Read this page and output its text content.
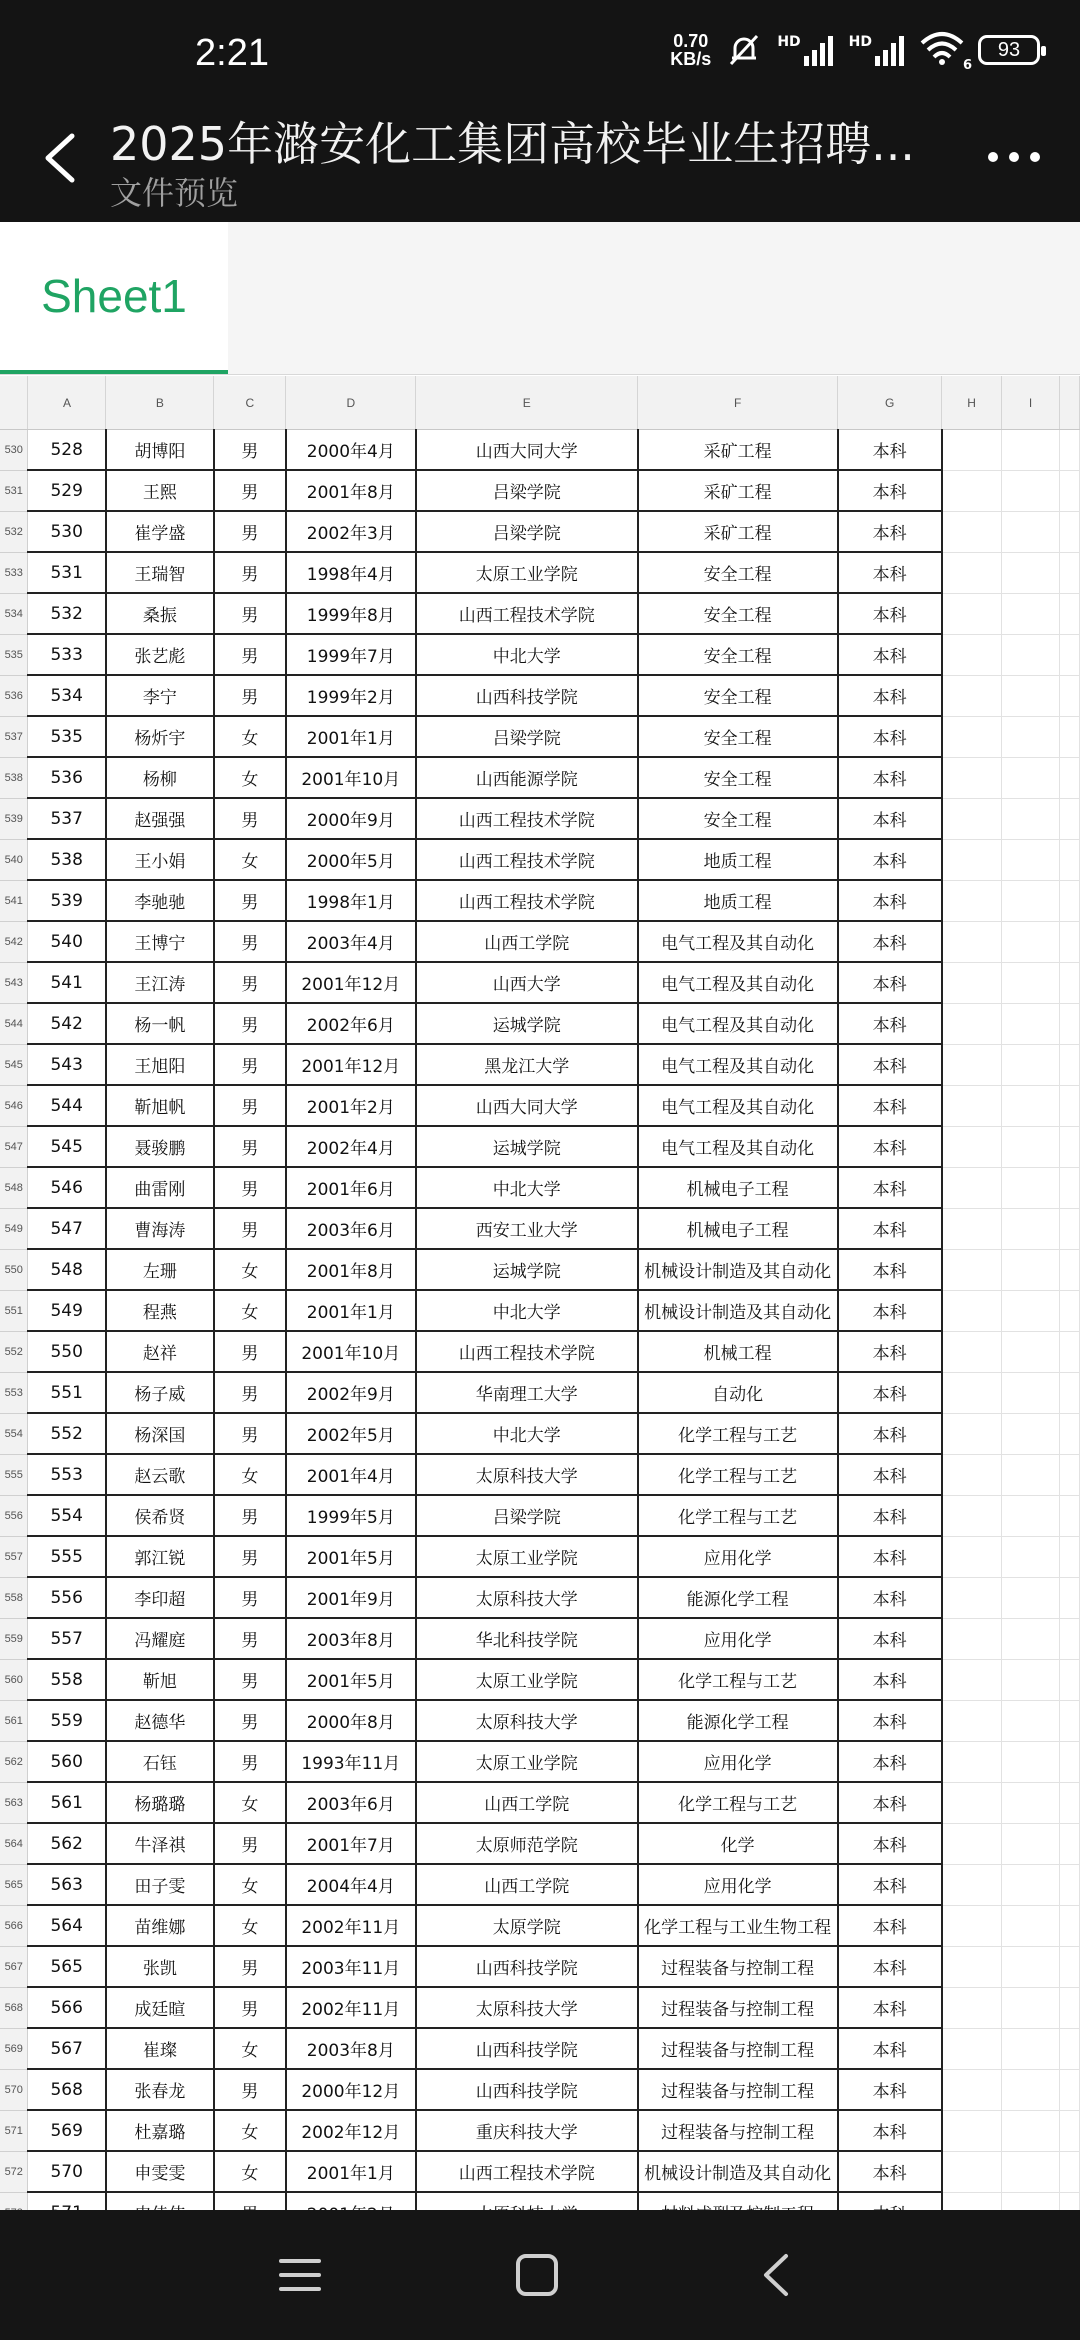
2:21	0.70
KB/s
HD	HD
6
93
2025年潞安化工集团高校毕业生招聘...
文件预览
Sheet1
	A	B	C	D	E	F	G	H	I	
530	528	胡博阳	男	2000年4月	山西大同大学	采矿工程	本科			
531	529	王熙	男	2001年8月	吕梁学院	采矿工程	本科			
532	530	崔学盛	男	2002年3月	吕梁学院	采矿工程	本科			
533	531	王瑞智	男	1998年4月	太原工业学院	安全工程	本科			
534	532	桑振	男	1999年8月	山西工程技术学院	安全工程	本科			
535	533	张艺彪	男	1999年7月	中北大学	安全工程	本科			
536	534	李宁	男	1999年2月	山西科技学院	安全工程	本科			
537	535	杨炘宇	女	2001年1月	吕梁学院	安全工程	本科			
538	536	杨柳	女	2001年10月	山西能源学院	安全工程	本科			
539	537	赵强强	男	2000年9月	山西工程技术学院	安全工程	本科			
540	538	王小娟	女	2000年5月	山西工程技术学院	地质工程	本科			
541	539	李驰驰	男	1998年1月	山西工程技术学院	地质工程	本科			
542	540	王博宁	男	2003年4月	山西工学院	电气工程及其自动化	本科			
543	541	王江涛	男	2001年12月	山西大学	电气工程及其自动化	本科			
544	542	杨一帆	男	2002年6月	运城学院	电气工程及其自动化	本科			
545	543	王旭阳	男	2001年12月	黑龙江大学	电气工程及其自动化	本科			
546	544	靳旭帆	男	2001年2月	山西大同大学	电气工程及其自动化	本科			
547	545	聂骏鹏	男	2002年4月	运城学院	电气工程及其自动化	本科			
548	546	曲雷刚	男	2001年6月	中北大学	机械电子工程	本科			
549	547	曹海涛	男	2003年6月	西安工业大学	机械电子工程	本科			
550	548	左珊	女	2001年8月	运城学院	机械设计制造及其自动化	本科			
551	549	程燕	女	2001年1月	中北大学	机械设计制造及其自动化	本科			
552	550	赵祥	男	2001年10月	山西工程技术学院	机械工程	本科			
553	551	杨子威	男	2002年9月	华南理工大学	自动化	本科			
554	552	杨深国	男	2002年5月	中北大学	化学工程与工艺	本科			
555	553	赵云歌	女	2001年4月	太原科技大学	化学工程与工艺	本科			
556	554	侯希贤	男	1999年5月	吕梁学院	化学工程与工艺	本科			
557	555	郭江锐	男	2001年5月	太原工业学院	应用化学	本科			
558	556	李印超	男	2001年9月	太原科技大学	能源化学工程	本科			
559	557	冯耀庭	男	2003年8月	华北科技学院	应用化学	本科			
560	558	靳旭	男	2001年5月	太原工业学院	化学工程与工艺	本科			
561	559	赵德华	男	2000年8月	太原科技大学	能源化学工程	本科			
562	560	石钰	男	1993年11月	太原工业学院	应用化学	本科			
563	561	杨璐璐	女	2003年6月	山西工学院	化学工程与工艺	本科			
564	562	牛泽祺	男	2001年7月	太原师范学院	化学	本科			
565	563	田子雯	女	2004年4月	山西工学院	应用化学	本科			
566	564	苗维娜	女	2002年11月	太原学院	化学工程与工业生物工程	本科			
567	565	张凯	男	2003年11月	山西科技学院	过程装备与控制工程	本科			
568	566	成廷暄	男	2002年11月	太原科技大学	过程装备与控制工程	本科			
569	567	崔璨	女	2003年8月	山西科技学院	过程装备与控制工程	本科			
570	568	张春龙	男	2000年12月	山西科技学院	过程装备与控制工程	本科			
571	569	杜嘉璐	女	2002年12月	重庆科技大学	过程装备与控制工程	本科			
572	570	申雯雯	女	2001年1月	山西工程技术学院	机械设计制造及其自动化	本科			
